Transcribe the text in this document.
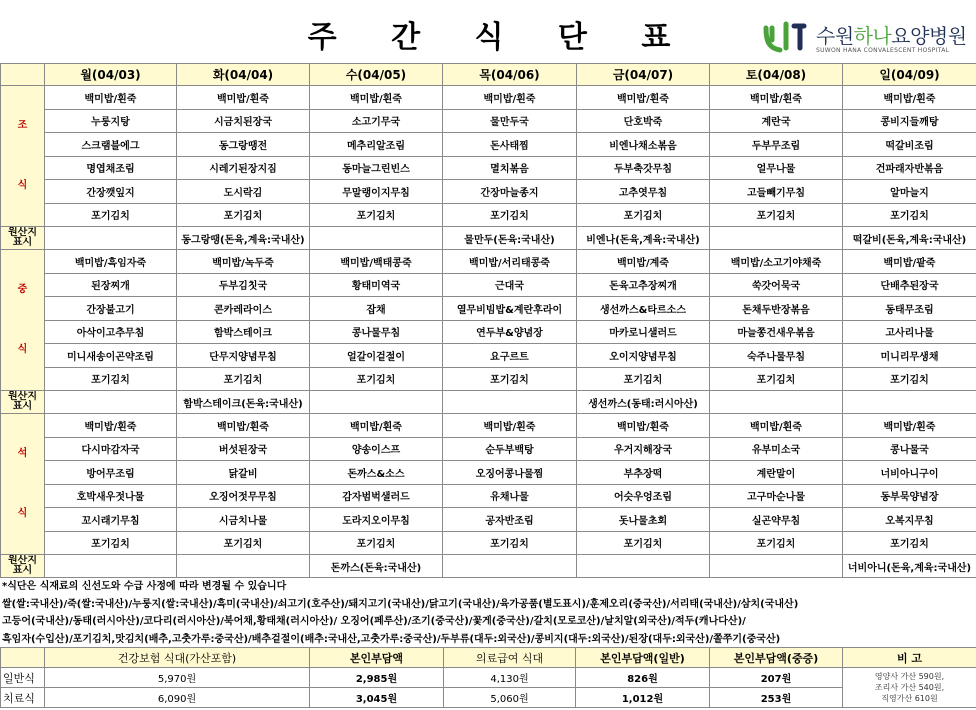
주 간 식 단 표	수원하나요양병원
SUWON HANA CONVALESCENT HOSPITAL
	월(04/03)	화(04/04)	수(04/05)	목(04/06)	금(04/07)	토(04/08)	일(04/09)

조
식	백미밥/흰죽	백미밥/흰죽	백미밥/흰죽	백미밥/흰죽	백미밥/흰죽	백미밥/흰죽	백미밥/흰죽
	누룽지탕	시금치된장국	소고기무국	물만두국	단호박죽	계란국	콩비지들깨탕
	스크램블에그	동그랑땡전	메추리알조림	돈사태찜	비엔나채소볶음	두부무조림	떡갈비조림
	명엽채조림	시레기된장지짐	동마늘그린빈스	멸치볶음	두부축갓무침	얼무나물	건파래자반볶음
	간장깻잎지	도시락김	무말랭이지무침	간장마늘종지	고추엿무침	고들빼기무침	알마늘지
	포기김치	포기김치	포기김치	포기김치	포기김치	포기김치	포기김치

원산지
표시		동그랑땡(돈육,계육:국내산)		물만두(돈육:국내산)	비엔나(돈육,계육:국내산)		떡갈비(돈육,계육:국내산)

중
식	백미밥/흑임자죽	백미밥/녹두죽	백미밥/백태콩죽	백미밥/서리태콩죽	백미밥/계죽	백미밥/소고기야채죽	백미밥/팥죽
	된장찌개	두부김칫국	황태미역국	근대국	돈육고추장찌개	쑥갓어묵국	단배추된장국
	간장불고기	콘카레라이스	잡채	열무비빔밥&계란후라이	생선까스&타르소스	돈채두반장볶음	동태무조림
	아삭이고추무침	함박스테이크	콩나물무침	연두부&양념장	마카로니샐러드	마늘쫑건새우볶음	고사리나물
	미니새송이곤약조림	단무지양념무침	얼갈이겉절이	요구르트	오이지양념무침	숙주나물무침	미니리무생채
	포기김치	포기김치	포기김치	포기김치	포기김치	포기김치	포기김치

원산지
표시		함박스테이크(돈육:국내산)			생선까스(동태:러시아산)		

석
식	백미밥/흰죽	백미밥/흰죽	백미밥/흰죽	백미밥/흰죽	백미밥/흰죽	백미밥/흰죽	백미밥/흰죽
	다시마감자국	버섯된장국	양송이스프	순두부백탕	우거지해장국	유부미소국	콩나물국
	방어무조림	닭갈비	돈까스&소스	오징어콩나물찜	부추장떡	계란말이	너비아니구이
	호박새우젓나물	오징어젓무무침	감자범벅샐러드	유채나물	어슷우엉조림	고구마순나물	동부묵양념장
	꼬시래기무침	시금치나물	도라지오이무침	공자반조림	돗나물초회	실곤약무침	오복지무침
	포기김치	포기김치	포기김치	포기김치	포기김치	포기김치	포기김치

원산지
표시			돈까스(돈육:국내산)				너비아니(돈육,계육:국내산)
*식단은 식재료의 신선도와 수급 사정에 따라 변경될 수 있습니다
쌀(쌀:국내산)/죽(쌀:국내산)/누룽지(쌀:국내산)/흑미(국내산)/쇠고기(호주산)/돼지고기(국내산)/닭고기(국내산)/육가공품(별도표시)/훈제오리(중국산)/서리태(국내산)/삼치(국내산)
고등어(국내산)/동태(러시아산)/코다리(러시아산)/북어채,황태채(러시아산)/ 오징어(페루산)/조기(중국산)/꽃게(중국산)/갈치(모로코산)/날치알(외국산)/적두(캐나다산)/
흑임자(수입산)/포기김치,맛김치(배추,고춧가루:중국산)/배추겉절이(배추:국내산,고춧가루:중국산)/두부류(대두:외국산)/콩비지(대두:외국산)/된장(대두:외국산)/쫄쭈기(중국산)
	건강보험 식대(가산포함)	본인부담액	의료급여 식대	본인부담액(일반)	본인부담액(중증)	비 고
일반식	5,970원	2,985원	4,130원	826원	207원	영양사 가산 590원,
조리사 가산 540원,
직영가산 610원

치료식	6,090원	3,045원	5,060원	1,012원	253원	
